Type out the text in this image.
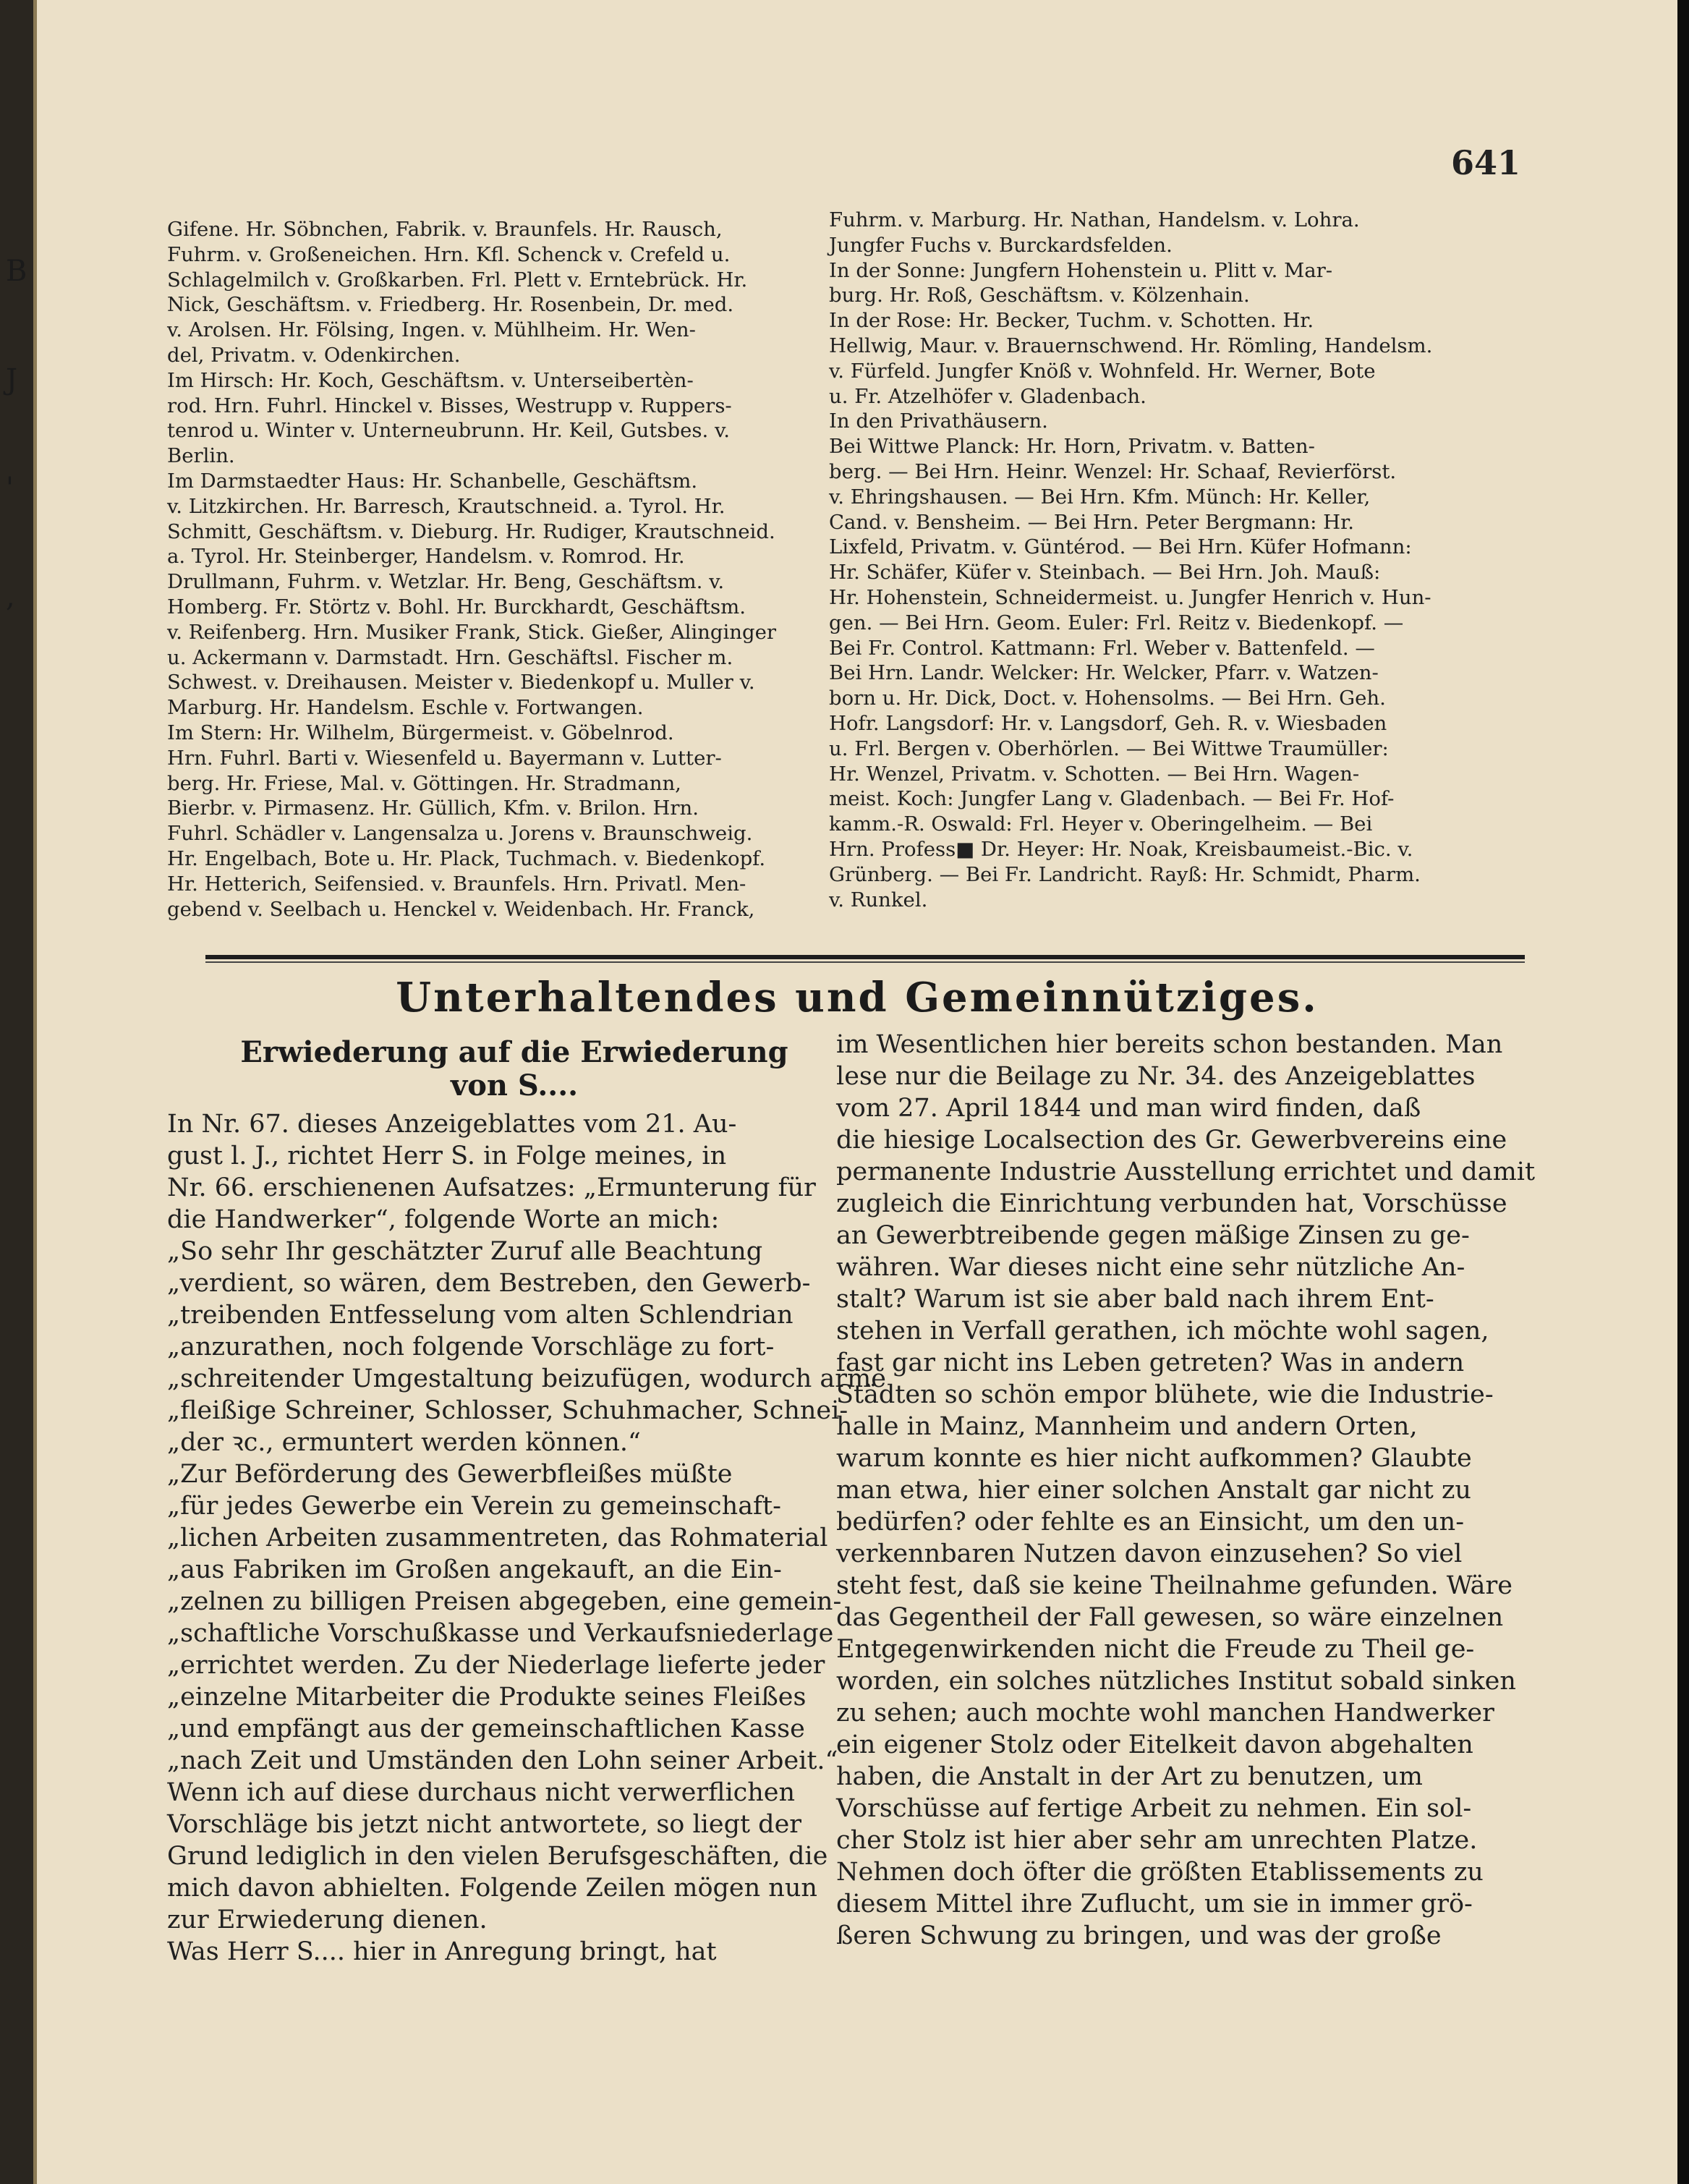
B
J
'
,
641

Gifene. Hr. Söbnchen, Fabrik. v. Braunfels. Hr. Rausch,

Fuhrm. v. Großeneichen. Hrn. Kfl. Schenck v. Crefeld u.

Schlagelmilch v. Großkarben. Frl. Plett v. Erntebrück. Hr.

Nick, Geschäftsm. v. Friedberg. Hr. Rosenbein, Dr. med.

v. Arolsen. Hr. Fölsing, Ingen. v. Mühlheim. Hr. Wen-

del, Privatm. v. Odenkirchen.

Im Hirsch: Hr. Koch, Geschäftsm. v. Unterseibertèn-

rod. Hrn. Fuhrl. Hinckel v. Bisses, Westrupp v. Ruppers-

tenrod u. Winter v. Unterneubrunn. Hr. Keil, Gutsbes. v.

Berlin.

Im Darmstaedter Haus: Hr. Schanbelle, Geschäftsm.

v. Litzkirchen. Hr. Barresch, Krautschneid. a. Tyrol. Hr.

Schmitt, Geschäftsm. v. Dieburg. Hr. Rudiger, Krautschneid.

a. Tyrol. Hr. Steinberger, Handelsm. v. Romrod. Hr.

Drullmann, Fuhrm. v. Wetzlar. Hr. Beng, Geschäftsm. v.

Homberg. Fr. Störtz v. Bohl. Hr. Burckhardt, Geschäftsm.

v. Reifenberg. Hrn. Musiker Frank, Stick. Gießer, Alinginger

u. Ackermann v. Darmstadt. Hrn. Geschäftsl. Fischer m.

Schwest. v. Dreihausen. Meister v. Biedenkopf u. Muller v.

Marburg. Hr. Handelsm. Eschle v. Fortwangen.

Im Stern: Hr. Wilhelm, Bürgermeist. v. Göbelnrod.

Hrn. Fuhrl. Barti v. Wiesenfeld u. Bayermann v. Lutter-

berg. Hr. Friese, Mal. v. Göttingen. Hr. Stradmann,

Bierbr. v. Pirmasenz. Hr. Güllich, Kfm. v. Brilon. Hrn.

Fuhrl. Schädler v. Langensalza u. Jorens v. Braunschweig.

Hr. Engelbach, Bote u. Hr. Plack, Tuchmach. v. Biedenkopf.

Hr. Hetterich, Seifensied. v. Braunfels. Hrn. Privatl. Men-

gebend v. Seelbach u. Henckel v. Weidenbach. Hr. Franck,

Fuhrm. v. Marburg. Hr. Nathan, Handelsm. v. Lohra.

Jungfer Fuchs v. Burckardsfelden.

In der Sonne: Jungfern Hohenstein u. Plitt v. Mar-

burg. Hr. Roß, Geschäftsm. v. Kölzenhain.

In der Rose: Hr. Becker, Tuchm. v. Schotten. Hr.

Hellwig, Maur. v. Brauernschwend. Hr. Römling, Handelsm.

v. Fürfeld. Jungfer Knöß v. Wohnfeld. Hr. Werner, Bote

u. Fr. Atzelhöfer v. Gladenbach.

In den Privathäusern.

Bei Wittwe Planck: Hr. Horn, Privatm. v. Batten-

berg. — Bei Hrn. Heinr. Wenzel: Hr. Schaaf, Revierförst.

v. Ehringshausen. — Bei Hrn. Kfm. Münch: Hr. Keller,

Cand. v. Bensheim. — Bei Hrn. Peter Bergmann: Hr.

Lixfeld, Privatm. v. Güntérod. — Bei Hrn. Küfer Hofmann:

Hr. Schäfer, Küfer v. Steinbach. — Bei Hrn. Joh. Mauß:

Hr. Hohenstein, Schneidermeist. u. Jungfer Henrich v. Hun-

gen. — Bei Hrn. Geom. Euler: Frl. Reitz v. Biedenkopf. —

Bei Fr. Control. Kattmann: Frl. Weber v. Battenfeld. —

Bei Hrn. Landr. Welcker: Hr. Welcker, Pfarr. v. Watzen-

born u. Hr. Dick, Doct. v. Hohensolms. — Bei Hrn. Geh.

Hofr. Langsdorf: Hr. v. Langsdorf, Geh. R. v. Wiesbaden

u. Frl. Bergen v. Oberhörlen. — Bei Wittwe Traumüller:

Hr. Wenzel, Privatm. v. Schotten. — Bei Hrn. Wagen-

meist. Koch: Jungfer Lang v. Gladenbach. — Bei Fr. Hof-

kamm.-R. Oswald: Frl. Heyer v. Oberingelheim. — Bei

Hrn. Profess■ Dr. Heyer: Hr. Noak, Kreisbaumeist.-Bic. v.

Grünberg. — Bei Fr. Landricht. Rayß: Hr. Schmidt, Pharm.

v. Runkel.

Unterhaltendes und Gemeinnütziges.
Erwiederung auf die Erwiederung
von S....

In Nr. 67. dieses Anzeigeblattes vom 21. Au-

gust l. J., richtet Herr S. in Folge meines, in

Nr. 66. erschienenen Aufsatzes: „Ermunterung für

die Handwerker“, folgende Worte an mich:

„So sehr Ihr geschätzter Zuruf alle Beachtung

„verdient, so wären, dem Bestreben, den Gewerb-

„treibenden Entfesselung vom alten Schlendrian

„anzurathen, noch folgende Vorschläge zu fort-

„schreitender Umgestaltung beizufügen, wodurch arme

„fleißige Schreiner, Schlosser, Schuhmacher, Schnei-

„der ꝛc., ermuntert werden können.“

„Zur Beförderung des Gewerbfleißes müßte

„für jedes Gewerbe ein Verein zu gemeinschaft-

„lichen Arbeiten zusammentreten, das Rohmaterial

„aus Fabriken im Großen angekauft, an die Ein-

„zelnen zu billigen Preisen abgegeben, eine gemein-

„schaftliche Vorschußkasse und Verkaufsniederlage

„errichtet werden. Zu der Niederlage lieferte jeder

„einzelne Mitarbeiter die Produkte seines Fleißes

„und empfängt aus der gemeinschaftlichen Kasse

„nach Zeit und Umständen den Lohn seiner Arbeit.“

Wenn ich auf diese durchaus nicht verwerflichen

Vorschläge bis jetzt nicht antwortete, so liegt der

Grund lediglich in den vielen Berufsgeschäften, die

mich davon abhielten. Folgende Zeilen mögen nun

zur Erwiederung dienen.

Was Herr S.... hier in Anregung bringt, hat

im Wesentlichen hier bereits schon bestanden. Man

lese nur die Beilage zu Nr. 34. des Anzeigeblattes

vom 27. April 1844 und man wird finden, daß

die hiesige Localsection des Gr. Gewerbvereins eine

permanente Industrie Ausstellung errichtet und damit

zugleich die Einrichtung verbunden hat, Vorschüsse

an Gewerbtreibende gegen mäßige Zinsen zu ge-

währen. War dieses nicht eine sehr nützliche An-

stalt? Warum ist sie aber bald nach ihrem Ent-

stehen in Verfall gerathen, ich möchte wohl sagen,

fast gar nicht ins Leben getreten? Was in andern

Städten so schön empor blühete, wie die Industrie-

halle in Mainz, Mannheim und andern Orten,

warum konnte es hier nicht aufkommen? Glaubte

man etwa, hier einer solchen Anstalt gar nicht zu

bedürfen? oder fehlte es an Einsicht, um den un-

verkennbaren Nutzen davon einzusehen? So viel

steht fest, daß sie keine Theilnahme gefunden. Wäre

das Gegentheil der Fall gewesen, so wäre einzelnen

Entgegenwirkenden nicht die Freude zu Theil ge-

worden, ein solches nützliches Institut sobald sinken

zu sehen; auch mochte wohl manchen Handwerker

ein eigener Stolz oder Eitelkeit davon abgehalten

haben, die Anstalt in der Art zu benutzen, um

Vorschüsse auf fertige Arbeit zu nehmen. Ein sol-

cher Stolz ist hier aber sehr am unrechten Platze.

Nehmen doch öfter die größten Etablissements zu

diesem Mittel ihre Zuflucht, um sie in immer grö-

ßeren Schwung zu bringen, und was der große
